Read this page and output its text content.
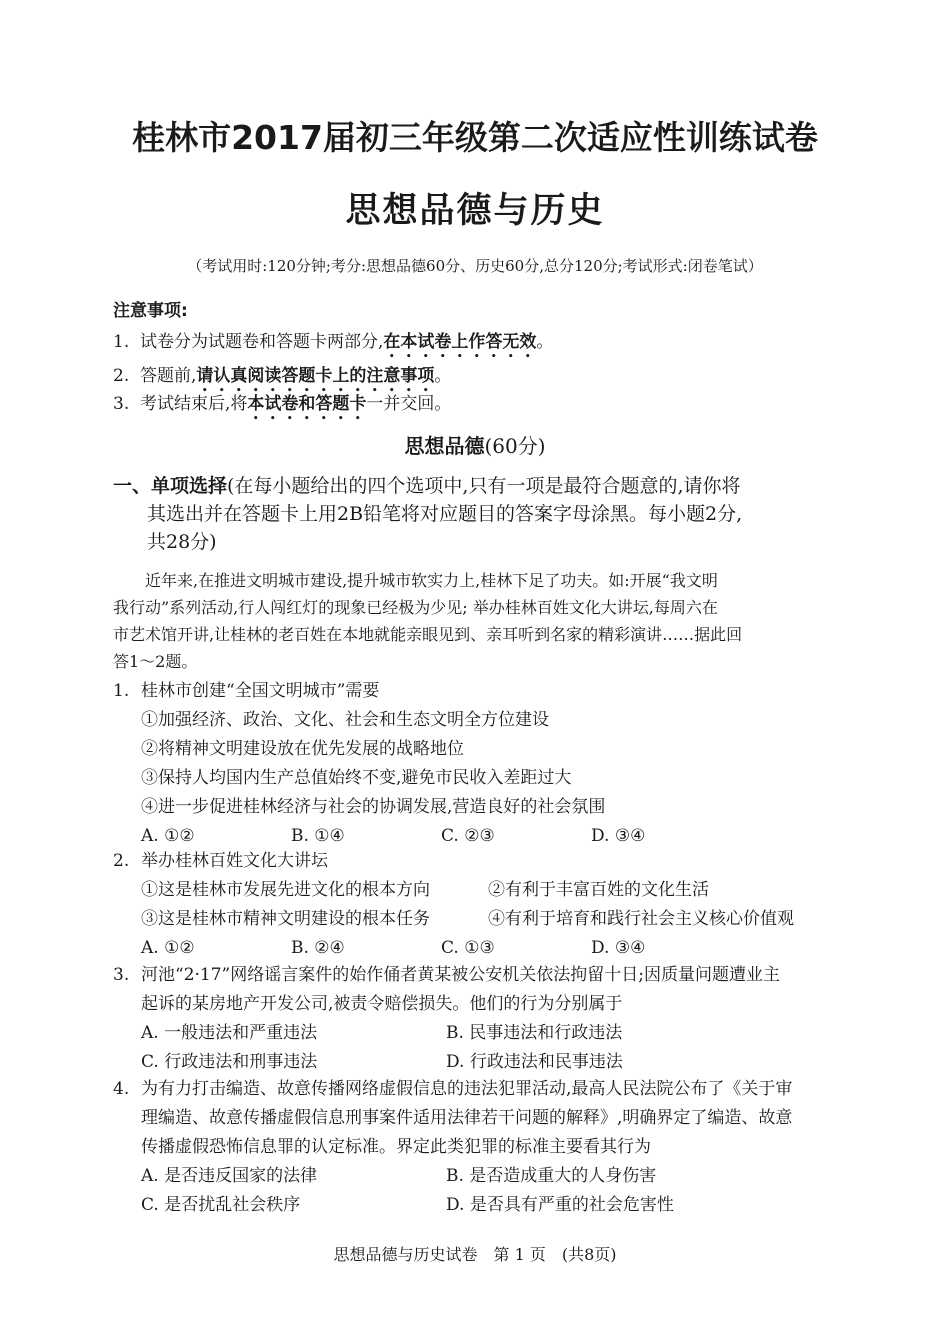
桂林市2017届初三年级第二次适应性训练试卷
思想品德与历史
（考试用时:120分钟;考分:思想品德60分、历史60分,总分120分;考试形式:闭卷笔试）
注意事项:
1. 试卷分为试题卷和答题卡两部分,在本试卷上作答无效。
2. 答题前,请认真阅读答题卡上的注意事项。
3. 考试结束后,将本试卷和答题卡一并交回。
思想品德(60分)
一、单项选择(在每小题给出的四个选项中,只有一项是最符合题意的,请你将
其选出并在答题卡上用2B铅笔将对应题目的答案字母涂黑。每小题2分,
共28分)
　　近年来,在推进文明城市建设,提升城市软实力上,桂林下足了功夫。如:开展“我文明
我行动”系列活动,行人闯红灯的现象已经极为少见; 举办桂林百姓文化大讲坛,每周六在
市艺术馆开讲,让桂林的老百姓在本地就能亲眼见到、亲耳听到名家的精彩演讲……据此回
答1～2题。
1. 桂林市创建“全国文明城市”需要
①加强经济、政治、文化、社会和生态文明全方位建设
②将精神文明建设放在优先发展的战略地位
③保持人均国内生产总值始终不变,避免市民收入差距过大
④进一步促进桂林经济与社会的协调发展,营造良好的社会氛围
A. ①②	B. ①④	C. ②③	D. ③④
2. 举办桂林百姓文化大讲坛
①这是桂林市发展先进文化的根本方向	②有利于丰富百姓的文化生活
③这是桂林市精神文明建设的根本任务	④有利于培育和践行社会主义核心价值观
A. ①②	B. ②④	C. ①③	D. ③④
3. 河池“2·17”网络谣言案件的始作俑者黄某被公安机关依法拘留十日;因质量问题遭业主
起诉的某房地产开发公司,被责令赔偿损失。他们的行为分别属于
A. 一般违法和严重违法	B. 民事违法和行政违法
C. 行政违法和刑事违法	D. 行政违法和民事违法
4. 为有力打击编造、故意传播网络虚假信息的违法犯罪活动,最高人民法院公布了《关于审
理编造、故意传播虚假信息刑事案件适用法律若干问题的解释》,明确界定了编造、故意
传播虚假恐怖信息罪的认定标准。界定此类犯罪的标准主要看其行为
A. 是否违反国家的法律	B. 是否造成重大的人身伤害
C. 是否扰乱社会秩序	D. 是否具有严重的社会危害性
思想品德与历史试卷　第 1 页　(共8页)
